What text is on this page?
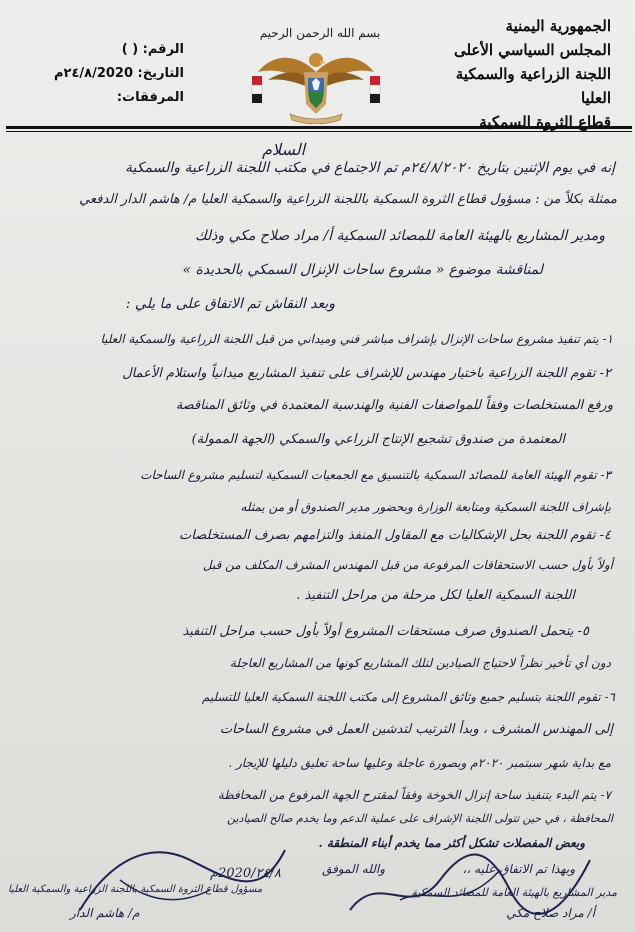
الجمهورية اليمنية
المجلس السياسي الأعلى
اللجنة الزراعية والسمكية العليا
قطاع الثروة السمكية
بسم الله الرحمن الرحيم
الرقم: ( )
التاريخ: ٢٤/٨/2020م
المرفقات:
السلام
إنه في يوم الإثنين بتاريخ ٢٤/٨/٢٠٢٠م تم الاجتماع في مكتب اللجنة الزراعية والسمكية
ممثلة بكلاً من : مسؤول قطاع الثروة السمكية باللجنة الزراعية والسمكية العليا م/ هاشم الدار الدفعي
ومدير المشاريع بالهيئة العامة للمصائد السمكية أ/ مراد صلاح مكي وذلك
لمناقشة موضوع « مشروع ساحات الإنزال السمكي بالحديدة »
وبعد النقاش تم الاتفاق على ما يلي :
١- يتم تنفيذ مشروع ساحات الإنزال بإشراف مباشر فني وميداني من قبل اللجنة الزراعية والسمكية العليا
٢- تقوم اللجنة الزراعية باختيار مهندس للإشراف على تنفيذ المشاريع ميدانياً واستلام الأعمال
ورفع المستخلصات وفقاً للمواصفات الفنية والهندسية المعتمدة في وثائق المناقصة
المعتمدة من صندوق تشجيع الإنتاج الزراعي والسمكي (الجهة الممولة)
٣- تقوم الهيئة العامة للمصائد السمكية بالتنسيق مع الجمعيات السمكية لتسليم مشروع الساحات
بإشراف اللجنة السمكية ومتابعة الوزارة وبحضور مدير الصندوق أو من يمثله
٤- تقوم اللجنة بحل الإشكاليات مع المقاول المنفذ والتزامهم بصرف المستخلصات
أولاً بأول حسب الاستحقاقات المرفوعة من قبل المهندس المشرف المكلف من قبل
اللجنة السمكية العليا لكل مرحلة من مراحل التنفيذ .
٥- يتحمل الصندوق صرف مستحقات المشروع أولاً بأول حسب مراحل التنفيذ
دون أي تأخير نظراً لاحتياج الصيادين لتلك المشاريع كونها من المشاريع العاجلة
٦- تقوم اللجنة بتسليم جميع وثائق المشروع إلى مكتب اللجنة السمكية العليا للتسليم
إلى المهندس المشرف ، وبدأ الترتيب لتدشين العمل في مشروع الساحات
مع بداية شهر سبتمبر ٢٠٢٠م وبصورة عاجلة وعليها ساحة تعليق دليلها للإيجار .
٧- يتم البدء بتنفيذ ساحة إنزال الخوخة وفقاً لمقترح الجهة المرفوع من المحافظة
المحافظة ، في حين تتولى اللجنة الإشراف على عملية الدعم وما يخدم صالح الصيادين
وبعض المفصلات تشكل أكثر مما يخدم أبناء المنطقة .
والله الموفق	وبهذا تم الاتفاق عليه ،،
مدير المشاريع بالهيئة العامة للمصائد السمكية
أ/ مراد صلاح مكي
مسؤول قطاع الثروة السمكية باللجنة الزراعية والسمكية العليا
م/ هاشم الدار
٢٤/٨/2020م
